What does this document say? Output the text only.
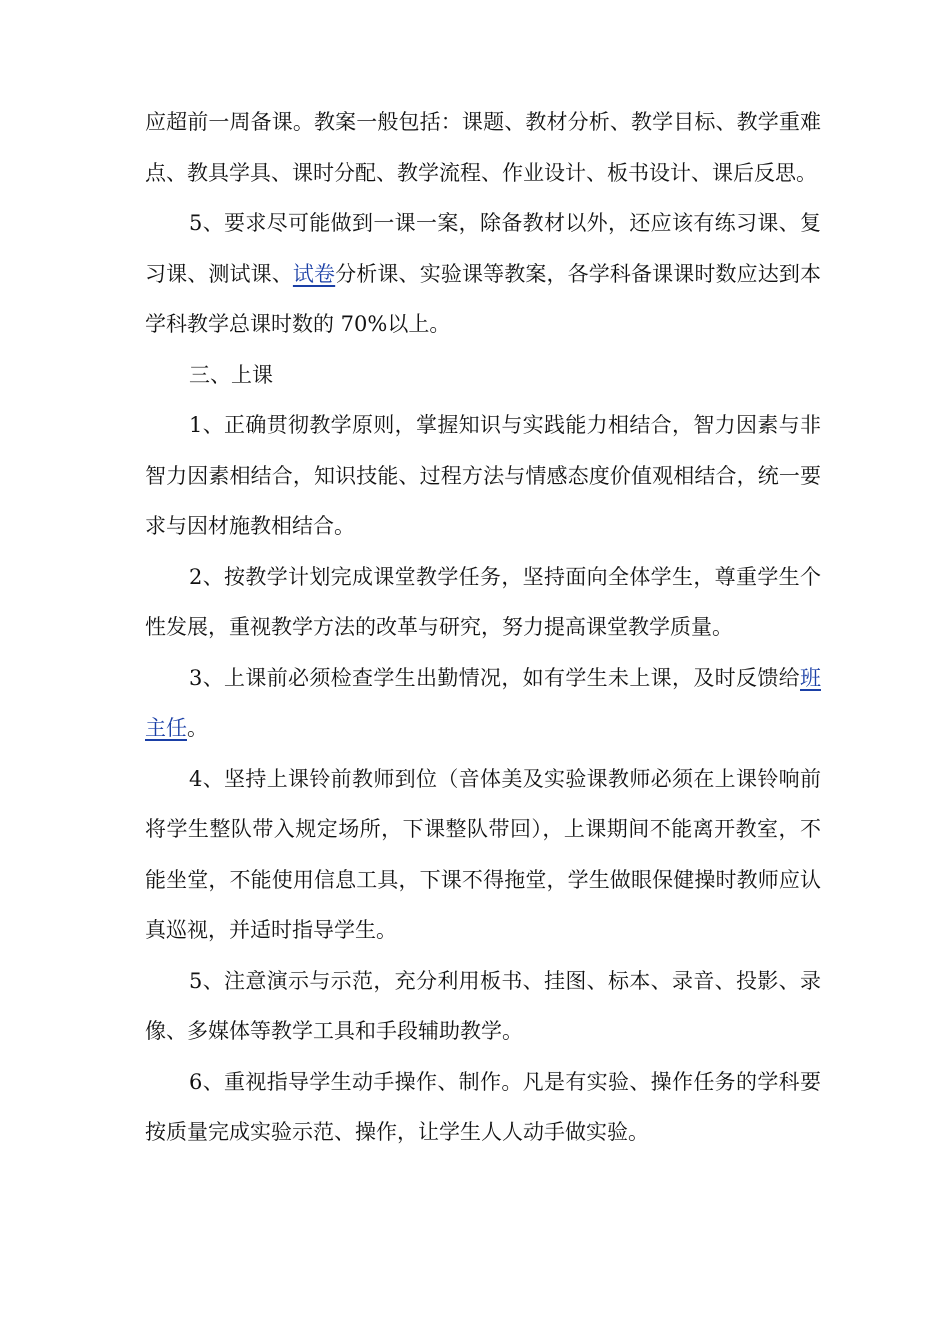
应超前一周备课。教案一般包括：课题、教材分析、教学目标、教学重难点、教具学具、课时分配、教学流程、作业设计、板书设计、课后反思。

5、要求尽可能做到一课一案，除备教材以外，还应该有练习课、复习课、测试课、试卷分析课、实验课等教案，各学科备课课时数应达到本学科教学总课时数的 70%以上。

三、上课

1、正确贯彻教学原则，掌握知识与实践能力相结合，智力因素与非智力因素相结合，知识技能、过程方法与情感态度价值观相结合，统一要求与因材施教相结合。

2、按教学计划完成课堂教学任务，坚持面向全体学生，尊重学生个性发展，重视教学方法的改革与研究，努力提高课堂教学质量。

3、上课前必须检查学生出勤情况，如有学生未上课，及时反馈给班主任。

4、坚持上课铃前教师到位（音体美及实验课教师必须在上课铃响前将学生整队带入规定场所，下课整队带回），上课期间不能离开教室，不能坐堂，不能使用信息工具，下课不得拖堂，学生做眼保健操时教师应认真巡视，并适时指导学生。

5、注意演示与示范，充分利用板书、挂图、标本、录音、投影、录像、多媒体等教学工具和手段辅助教学。

6、重视指导学生动手操作、制作。凡是有实验、操作任务的学科要按质量完成实验示范、操作，让学生人人动手做实验。
